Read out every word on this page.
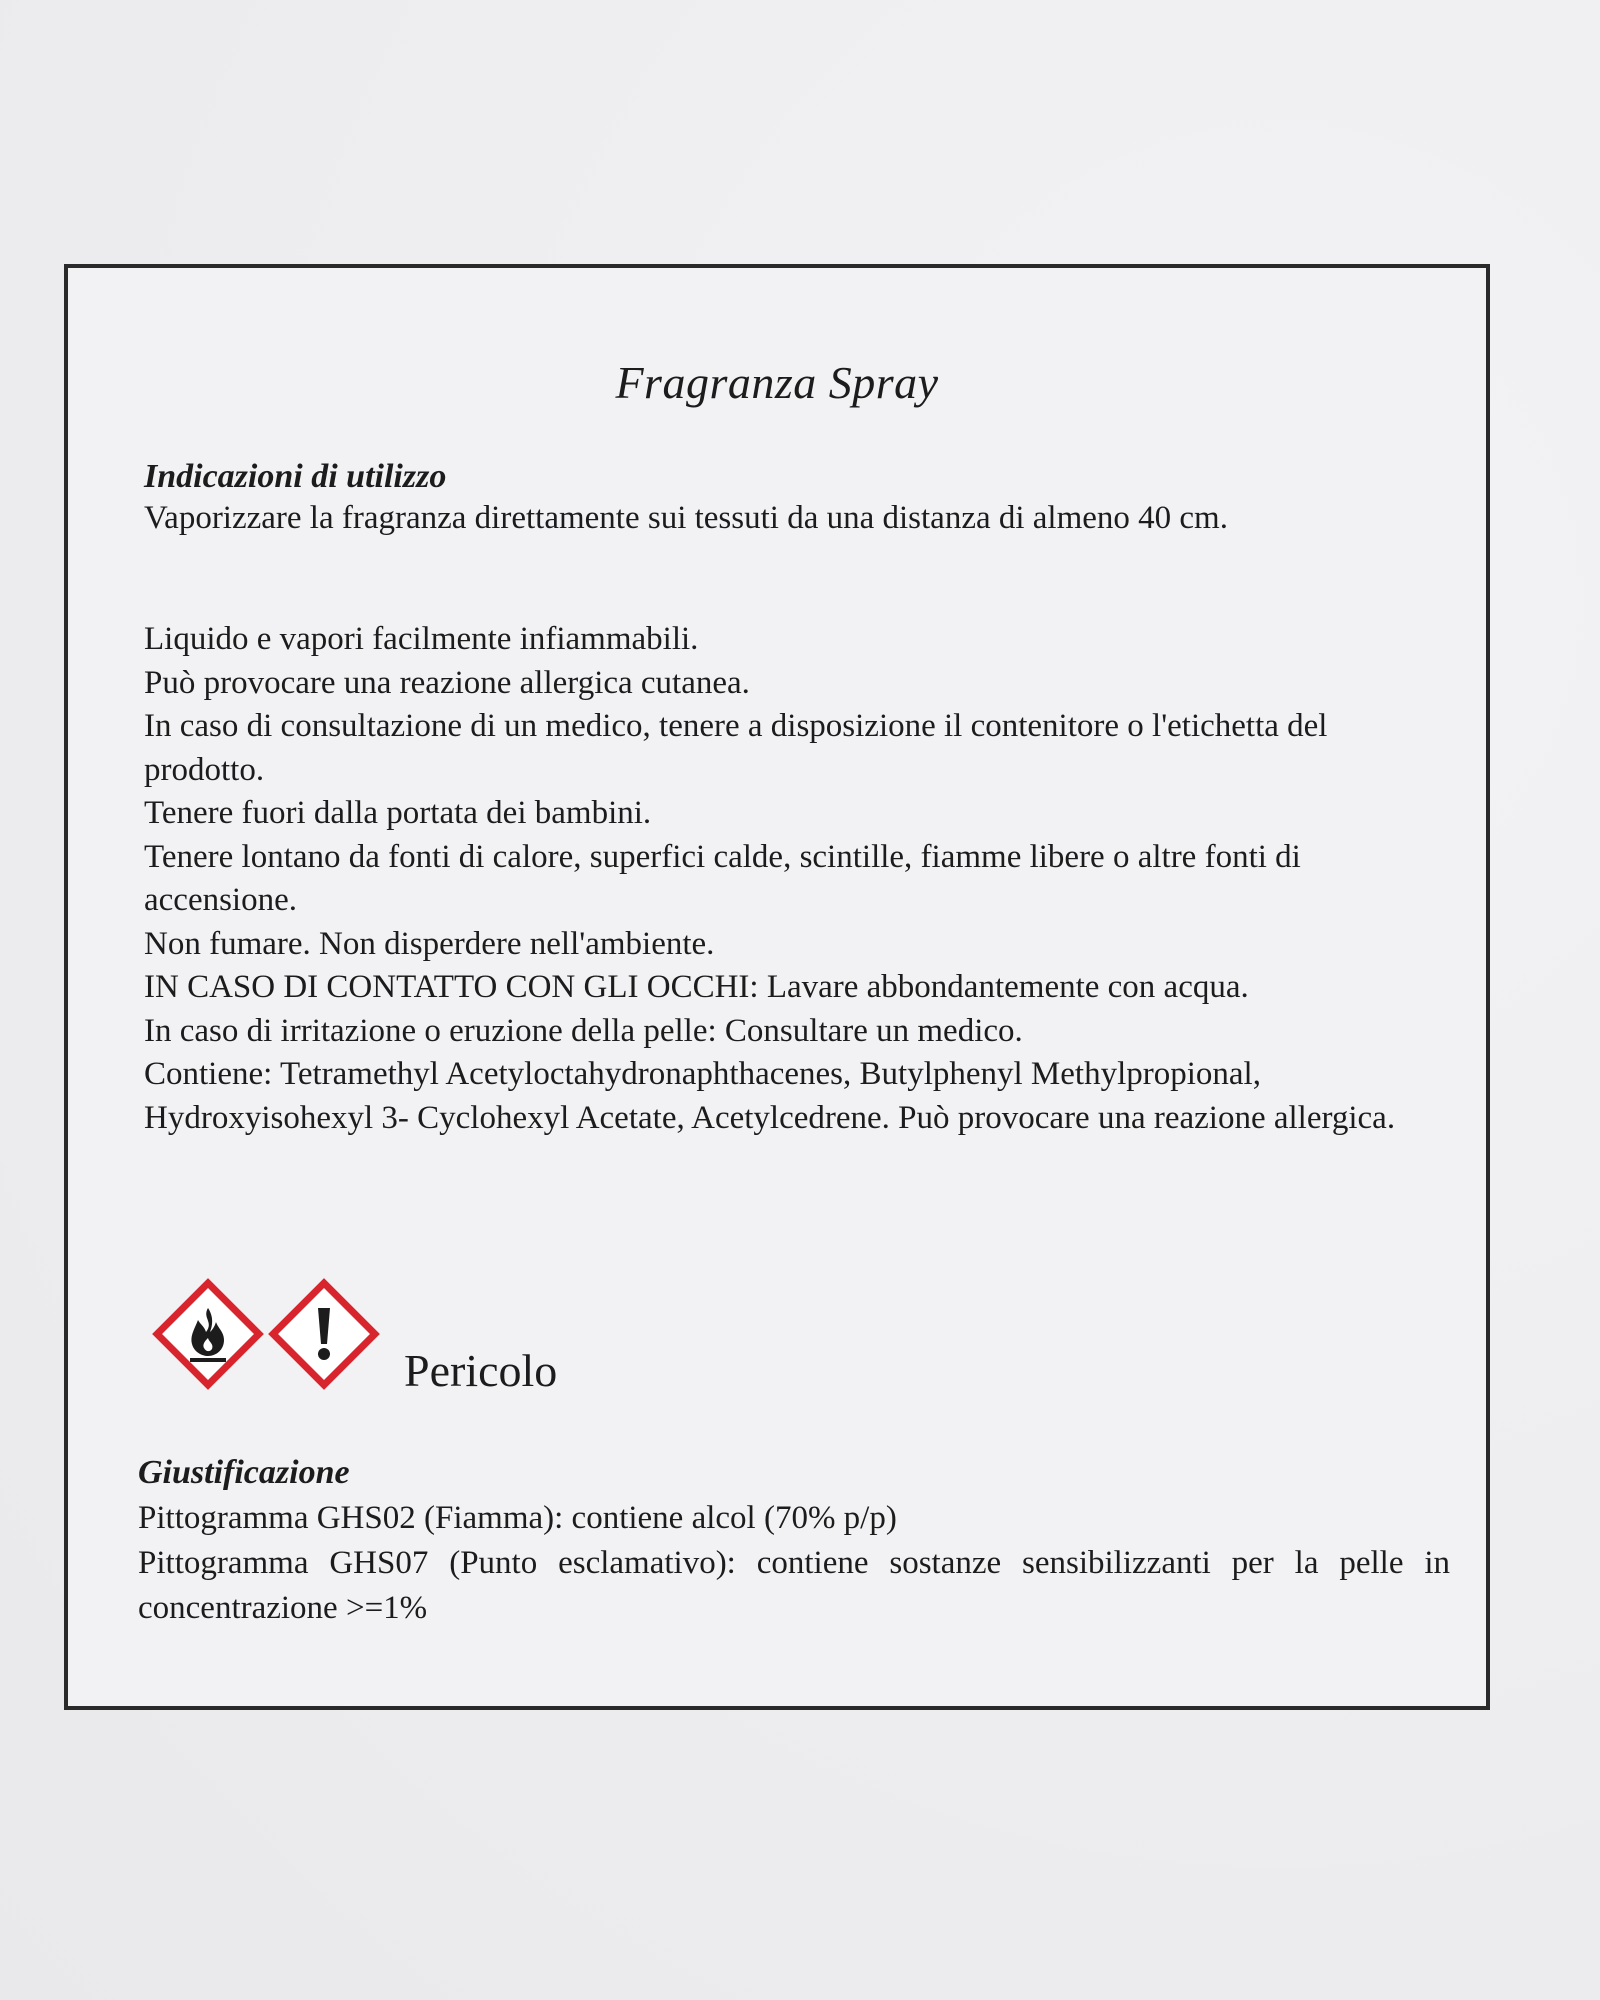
Fragranza Spray
Indicazioni di utilizzo
Vaporizzare la fragranza direttamente sui tessuti da una distanza di almeno 40 cm.

Liquido e vapori facilmente infiammabili.

Può provocare una reazione allergica cutanea.

In caso di consultazione di un medico, tenere a disposizione il contenitore o l'etichetta del prodotto.

Tenere fuori dalla portata dei bambini.

Tenere lontano da fonti di calore, superfici calde, scintille, fiamme libere o altre fonti di accensione.

Non fumare. Non disperdere nell'ambiente.

IN CASO DI CONTATTO CON GLI OCCHI: Lavare abbondantemente con acqua.

In caso di irritazione o eruzione della pelle: Consultare un medico.

Contiene: Tetramethyl Acetyloctahydronaphthacenes, Butylphenyl Methylpropional, Hydroxyisohexyl 3- Cyclohexyl Acetate, Acetylcedrene. Può provocare una reazione allergica.

Pericolo
Giustificazione

Pittogramma GHS02 (Fiamma): contiene alcol (70% p/p)

Pittogramma GHS07 (Punto esclamativo): contiene sostanze sensibilizzanti per la pelle in concentrazione >=1%
